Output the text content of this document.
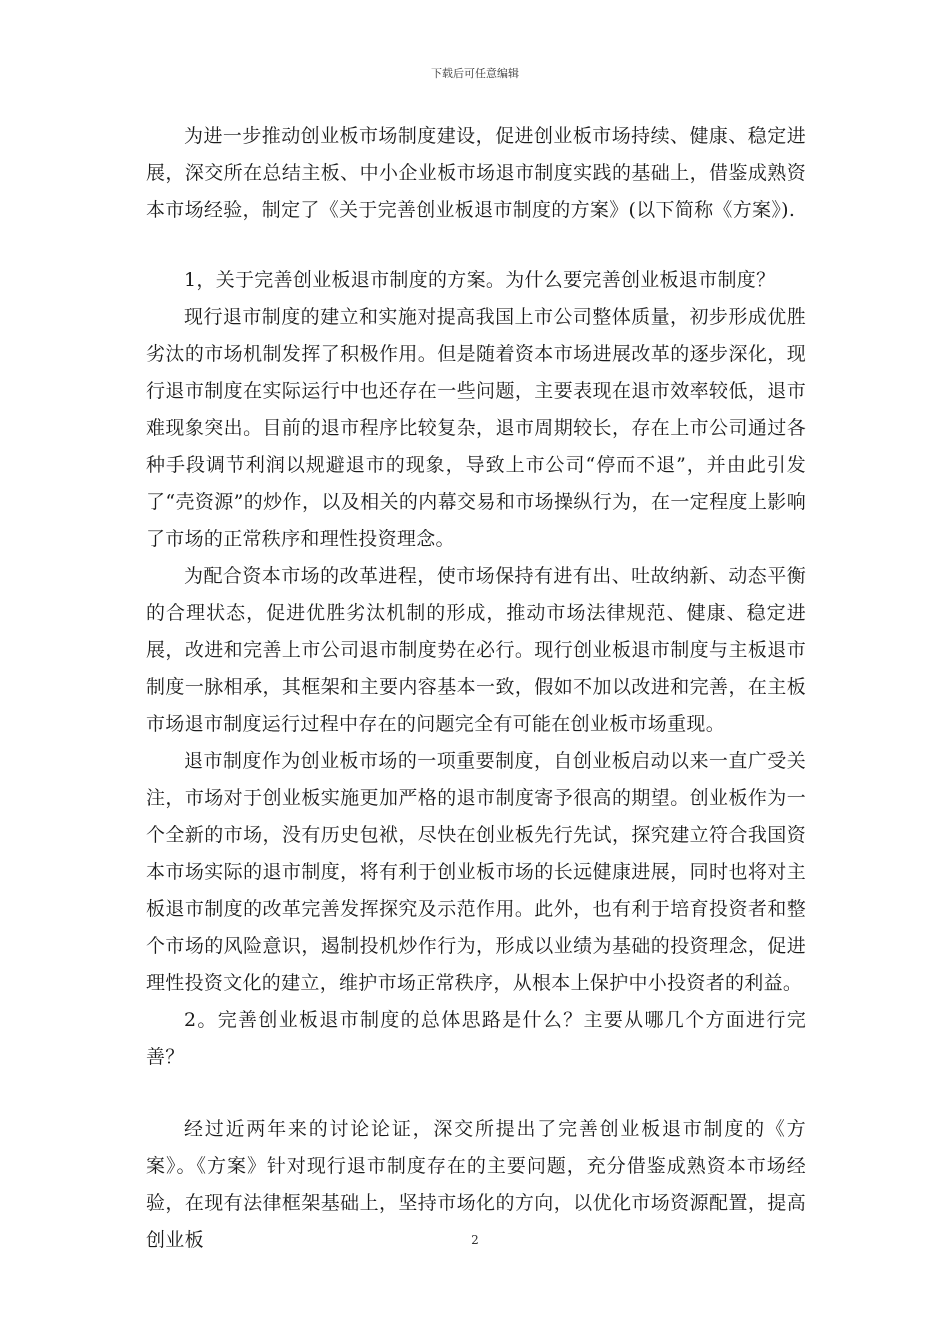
下载后可任意编辑

为进一步推动创业板市场制度建设，促进创业板市场持续、健康、稳定进展，深交所在总结主板、中小企业板市场退市制度实践的基础上，借鉴成熟资本市场经验，制定了《关于完善创业板退市制度的方案》(以下简称《方案》).

1，关于完善创业板退市制度的方案。为什么要完善创业板退市制度？

现行退市制度的建立和实施对提高我国上市公司整体质量，初步形成优胜劣汰的市场机制发挥了积极作用。但是随着资本市场进展改革的逐步深化，现行退市制度在实际运行中也还存在一些问题，主要表现在退市效率较低，退市难现象突出。目前的退市程序比较复杂，退市周期较长，存在上市公司通过各种手段调节利润以规避退市的现象，导致上市公司“停而不退”，并由此引发了“壳资源”的炒作，以及相关的内幕交易和市场操纵行为，在一定程度上影响了市场的正常秩序和理性投资理念。

为配合资本市场的改革进程，使市场保持有进有出、吐故纳新、动态平衡的合理状态，促进优胜劣汰机制的形成，推动市场法律规范、健康、稳定进展，改进和完善上市公司退市制度势在必行。现行创业板退市制度与主板退市制度一脉相承，其框架和主要内容基本一致，假如不加以改进和完善，在主板市场退市制度运行过程中存在的问题完全有可能在创业板市场重现。

退市制度作为创业板市场的一项重要制度，自创业板启动以来一直广受关注，市场对于创业板实施更加严格的退市制度寄予很高的期望。创业板作为一个全新的市场，没有历史包袱，尽快在创业板先行先试，探究建立符合我国资本市场实际的退市制度，将有利于创业板市场的长远健康进展，同时也将对主板退市制度的改革完善发挥探究及示范作用。此外，也有利于培育投资者和整个市场的风险意识，遏制投机炒作行为，形成以业绩为基础的投资理念，促进理性投资文化的建立，维护市场正常秩序，从根本上保护中小投资者的利益。

2。完善创业板退市制度的总体思路是什么？主要从哪几个方面进行完善？

经过近两年来的讨论论证，深交所提出了完善创业板退市制度的《方案》。《方案》针对现行退市制度存在的主要问题，充分借鉴成熟资本市场经验，在现有法律框架基础上，坚持市场化的方向，以优化市场资源配置，提高创业板	2
